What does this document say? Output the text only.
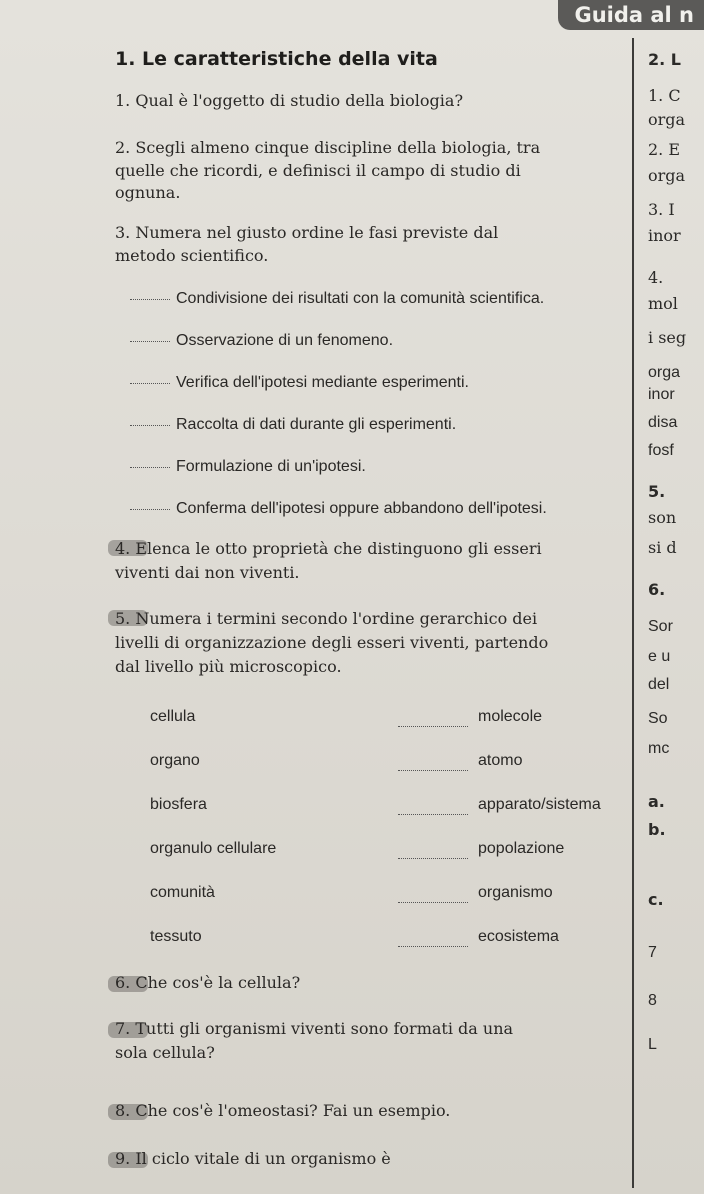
Guida al n
1. Le caratteristiche della vita
1. Qual è l'oggetto di studio della biologia?
2. Scegli almeno cinque discipline della biologia, tra
quelle che ricordi, e definisci il campo di studio di
ognuna.
3. Numera nel giusto ordine le fasi previste dal
metodo scientifico.
Condivisione dei risultati con la comunità scientifica.
Osservazione di un fenomeno.
Verifica dell'ipotesi mediante esperimenti.
Raccolta di dati durante gli esperimenti.
Formulazione di un'ipotesi.
Conferma dell'ipotesi oppure abbandono dell'ipotesi.
4. Elenca le otto proprietà che distinguono gli esseri
viventi dai non viventi.
5. Numera i termini secondo l'ordine gerarchico dei
livelli di organizzazione degli esseri viventi, partendo
dal livello più microscopico.
cellula
organo
biosfera
organulo cellulare
comunità
tessuto
molecole
atomo
apparato/sistema
popolazione
organismo
ecosistema
6. Che cos'è la cellula?
7. Tutti gli organismi viventi sono formati da una
sola cellula?
8. Che cos'è l'omeostasi? Fai un esempio.
9. Il ciclo vitale di un organismo è
2. L
1. C
orga
2. E
orga
3. I
inor
4.
mol
i seg
orga
inor
disa
fosf
5.
son
si d
6.
Sor
e u
del
So
mc
a.
b.
c.
7
8
L
